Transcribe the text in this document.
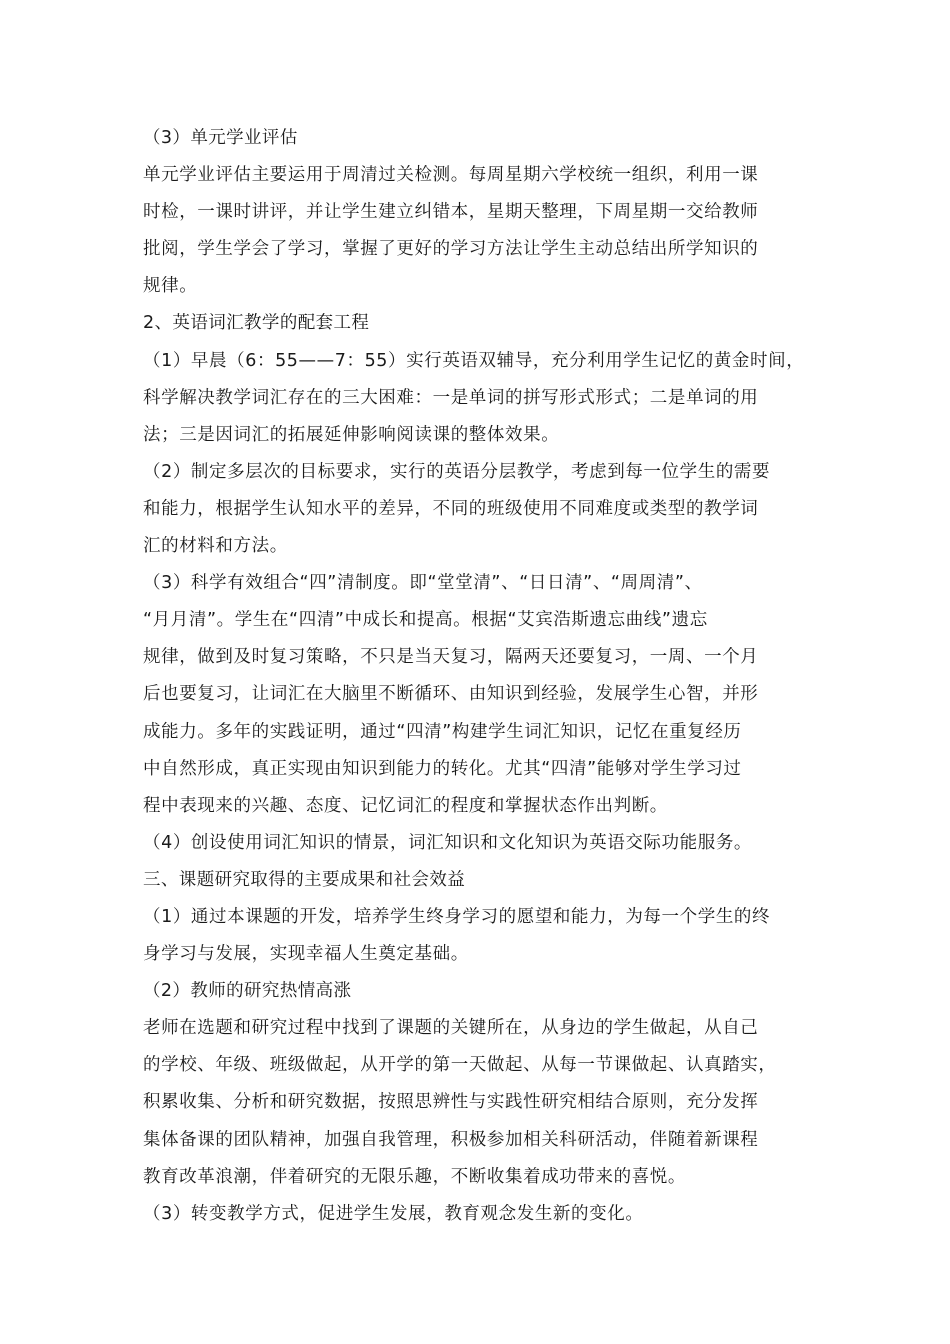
（3）单元学业评估
单元学业评估主要运用于周清过关检测。每周星期六学校统一组织，利用一课
时检，一课时讲评，并让学生建立纠错本，星期天整理，下周星期一交给教师
批阅，学生学会了学习，掌握了更好的学习方法让学生主动总结出所学知识的
规律。
2、英语词汇教学的配套工程
（1）早晨（6：55——7：55）实行英语双辅导，充分利用学生记忆的黄金时间，
科学解决教学词汇存在的三大困难：一是单词的拼写形式形式；二是单词的用
法；三是因词汇的拓展延伸影响阅读课的整体效果。
（2）制定多层次的目标要求，实行的英语分层教学，考虑到每一位学生的需要
和能力，根据学生认知水平的差异，不同的班级使用不同难度或类型的教学词
汇的材料和方法。
（3）科学有效组合“四”清制度。即“堂堂清”、“日日清”、“周周清”、
“月月清”。学生在“四清”中成长和提高。根据“艾宾浩斯遗忘曲线”遗忘
规律，做到及时复习策略，不只是当天复习，隔两天还要复习，一周、一个月
后也要复习，让词汇在大脑里不断循环、由知识到经验，发展学生心智，并形
成能力。多年的实践证明，通过“四清”构建学生词汇知识，记忆在重复经历
中自然形成，真正实现由知识到能力的转化。尤其“四清”能够对学生学习过
程中表现来的兴趣、态度、记忆词汇的程度和掌握状态作出判断。
（4）创设使用词汇知识的情景，词汇知识和文化知识为英语交际功能服务。
三、课题研究取得的主要成果和社会效益
（1）通过本课题的开发，培养学生终身学习的愿望和能力，为每一个学生的终
身学习与发展，实现幸福人生奠定基础。
（2）教师的研究热情高涨
老师在选题和研究过程中找到了课题的关键所在，从身边的学生做起，从自己
的学校、年级、班级做起，从开学的第一天做起、从每一节课做起、认真踏实，
积累收集、分析和研究数据，按照思辨性与实践性研究相结合原则，充分发挥
集体备课的团队精神，加强自我管理，积极参加相关科研活动，伴随着新课程
教育改革浪潮，伴着研究的无限乐趣，不断收集着成功带来的喜悦。
（3）转变教学方式，促进学生发展，教育观念发生新的变化。
